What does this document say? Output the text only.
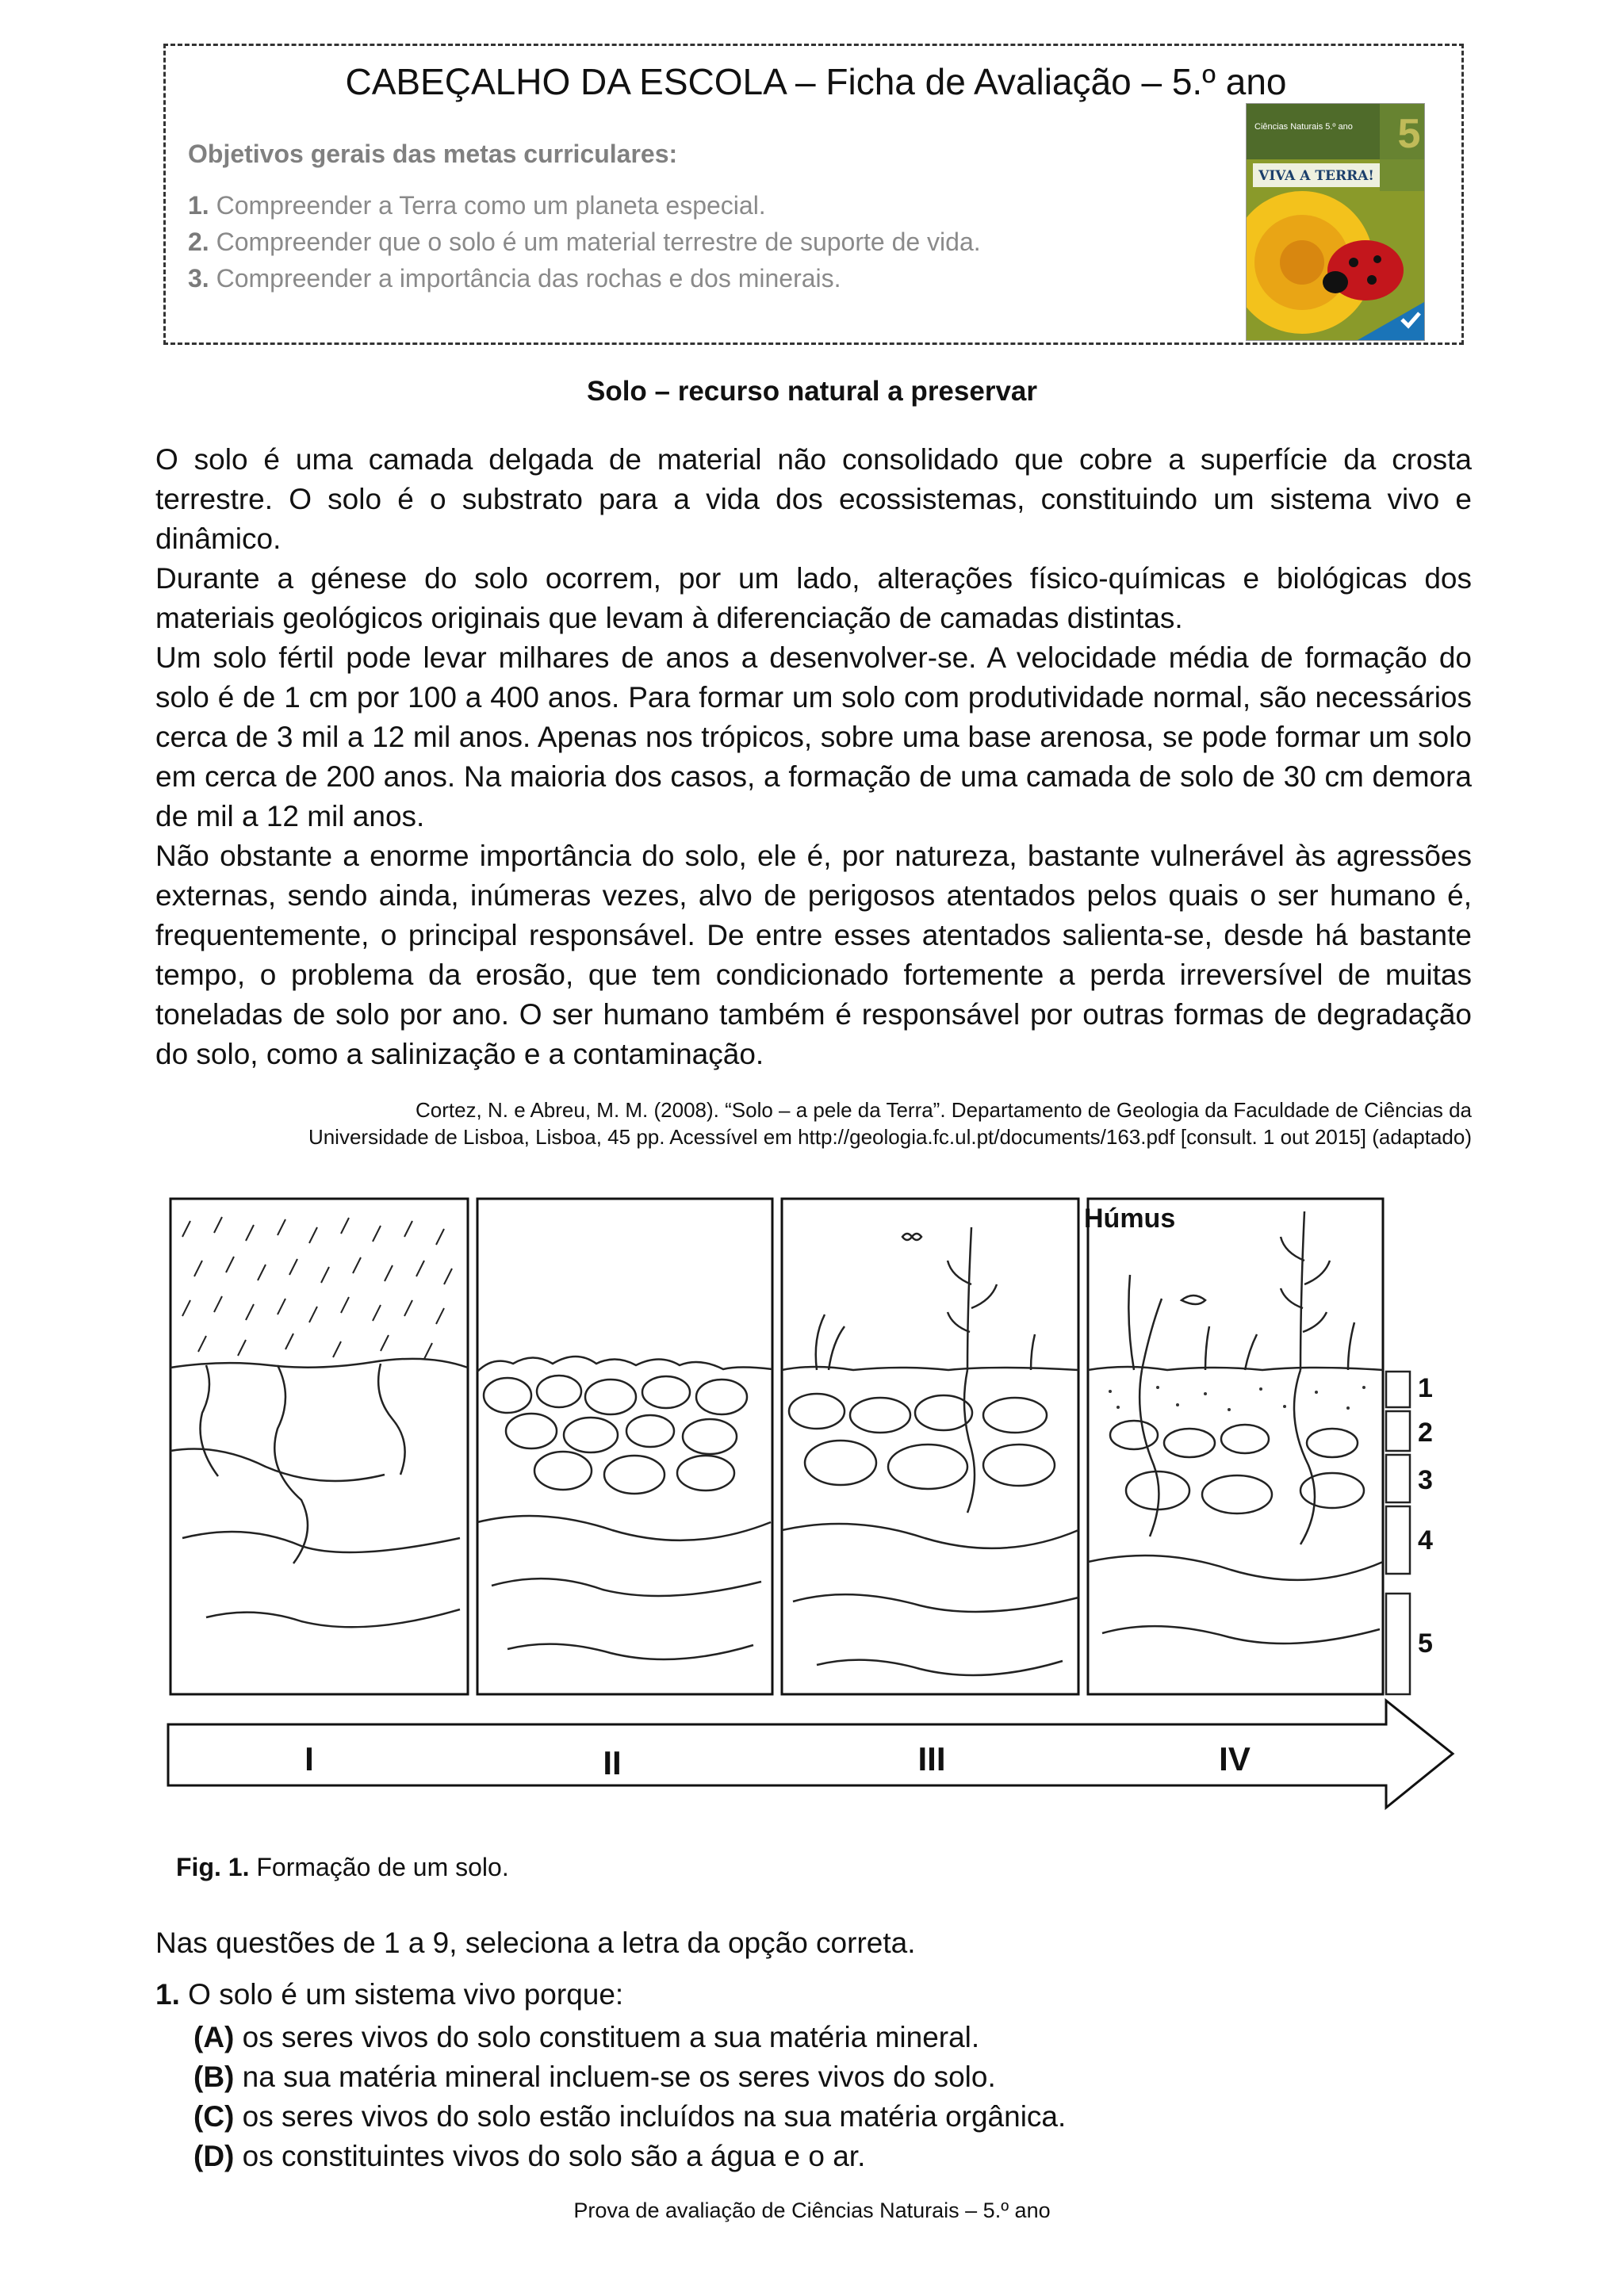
CABEÇALHO DA ESCOLA – Ficha de Avaliação – 5.º ano
Objetivos gerais das metas curriculares:
1. Compreender a Terra como um planeta especial.
2. Compreender que o solo é um material terrestre de suporte de vida.
3. Compreender a importância das rochas e dos minerais.
VIVA A TERRA!
Ciências Naturais 5.º ano 5
Solo – recurso natural a preservar

O solo é uma camada delgada de material não consolidado que cobre a superfície da crosta terrestre. O solo é o substrato para a vida dos ecossistemas, constituindo um sistema vivo e dinâmico.

Durante a génese do solo ocorrem, por um lado, alterações físico-químicas e biológicas dos materiais geológicos originais que levam à diferenciação de camadas distintas.

Um solo fértil pode levar milhares de anos a desenvolver-se. A velocidade média de formação do solo é de 1 cm por 100 a 400 anos. Para formar um solo com produtividade normal, são necessários cerca de 3 mil a 12 mil anos. Apenas nos trópicos, sobre uma base arenosa, se pode formar um solo em cerca de 200 anos. Na maioria dos casos, a formação de uma camada de solo de 30 cm demora de mil a 12 mil anos.

Não obstante a enorme importância do solo, ele é, por natureza, bastante vulnerável às agressões externas, sendo ainda, inúmeras vezes, alvo de perigosos atentados pelos quais o ser humano é, frequentemente, o principal responsável. De entre esses atentados salienta-se, desde há bastante tempo, o problema da erosão, que tem condicionado fortemente a perda irreversível de muitas toneladas de solo por ano. O ser humano também é responsável por outras formas de degradação do solo, como a salinização e a contaminação.

Cortez, N. e Abreu, M. M. (2008). “Solo – a pele da Terra”. Departamento de Geologia da Faculdade de Ciências da
Universidade de Lisboa, Lisboa, 45 pp. Acessível em http://geologia.fc.ul.pt/documents/163.pdf [consult. 1 out 2015] (adaptado)
Húmus
1
2
3
4
5
I	II	III	IV
Fig. 1. Formação de um solo.
Nas questões de 1 a 9, seleciona a letra da opção correta.
1. O solo é um sistema vivo porque:
(A) os seres vivos do solo constituem a sua matéria mineral.
(B) na sua matéria mineral incluem-se os seres vivos do solo.
(C) os seres vivos do solo estão incluídos na sua matéria orgânica.
(D) os constituintes vivos do solo são a água e o ar.
Prova de avaliação de Ciências Naturais – 5.º ano
